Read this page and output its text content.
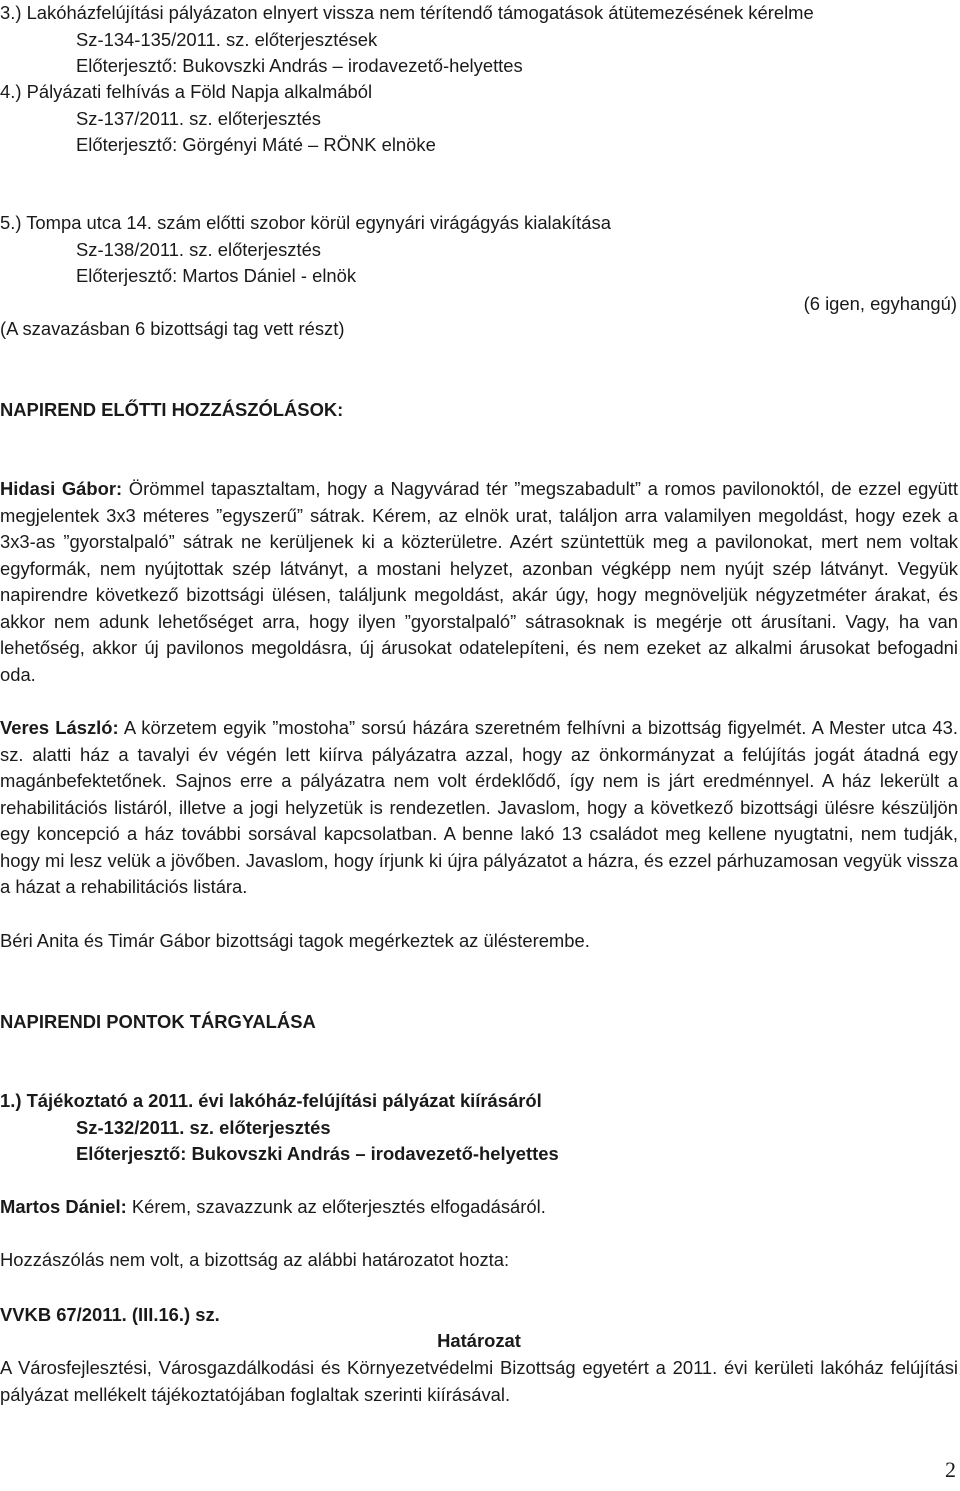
3.) Lakóházfelújítási pályázaton elnyert vissza nem térítendő támogatások átütemezésének kérelme
Sz-134-135/2011. sz. előterjesztések
Előterjesztő: Bukovszki András – irodavezető-helyettes
4.) Pályázati felhívás a Föld Napja alkalmából
Sz-137/2011. sz. előterjesztés
Előterjesztő: Görgényi Máté – RÖNK elnöke
5.) Tompa utca 14. szám előtti szobor körül egynyári virágágyás kialakítása
Sz-138/2011. sz. előterjesztés
Előterjesztő: Martos Dániel - elnök
(6 igen, egyhangú)
(A szavazásban 6 bizottsági tag vett részt)
NAPIREND ELŐTTI HOZZÁSZÓLÁSOK:
Hidasi Gábor: Örömmel tapasztaltam, hogy a Nagyvárad tér ”megszabadult” a romos pavilonoktól, de ezzel együtt megjelentek 3x3 méteres ”egyszerű” sátrak. Kérem, az elnök urat, találjon arra valamilyen megoldást, hogy ezek a 3x3-as ”gyorstalpaló” sátrak ne kerüljenek ki a közterületre. Azért szüntettük meg a pavilonokat, mert nem voltak egyformák, nem nyújtottak szép látványt, a mostani helyzet, azonban végképp nem nyújt szép látványt. Vegyük napirendre következő bizottsági ülésen, találjunk megoldást, akár úgy, hogy megnöveljük négyzetméter árakat, és akkor nem adunk lehetőséget arra, hogy ilyen ”gyorstalpaló” sátrasoknak is megérje ott árusítani. Vagy, ha van lehetőség, akkor új pavilonos megoldásra, új árusokat odatelepíteni, és nem ezeket az alkalmi árusokat befogadni oda.
Veres László: A körzetem egyik ”mostoha” sorsú házára szeretném felhívni a bizottság figyelmét. A Mester utca 43. sz. alatti ház a tavalyi év végén lett kiírva pályázatra azzal, hogy az önkormányzat a felújítás jogát átadná egy magánbefektetőnek. Sajnos erre a pályázatra nem volt érdeklődő, így nem is járt eredménnyel. A ház lekerült a rehabilitációs listáról, illetve a jogi helyzetük is rendezetlen. Javaslom, hogy a következő bizottsági ülésre készüljön egy koncepció a ház további sorsával kapcsolatban. A benne lakó 13 családot meg kellene nyugtatni, nem tudják, hogy mi lesz velük a jövőben. Javaslom, hogy írjunk ki újra pályázatot a házra, és ezzel párhuzamosan vegyük vissza a házat a rehabilitációs listára.
Béri Anita és Timár Gábor bizottsági tagok megérkeztek az ülésterembe.
NAPIRENDI PONTOK TÁRGYALÁSA
1.) Tájékoztató a 2011. évi lakóház-felújítási pályázat kiírásáról
Sz-132/2011. sz. előterjesztés
Előterjesztő: Bukovszki András – irodavezető-helyettes
Martos Dániel: Kérem, szavazzunk az előterjesztés elfogadásáról.
Hozzászólás nem volt, a bizottság az alábbi határozatot hozta:
VVKB 67/2011. (III.16.) sz.
Határozat
A Városfejlesztési, Városgazdálkodási és Környezetvédelmi Bizottság egyetért a 2011. évi kerületi lakóház felújítási pályázat mellékelt tájékoztatójában foglaltak szerinti kiírásával.
2
